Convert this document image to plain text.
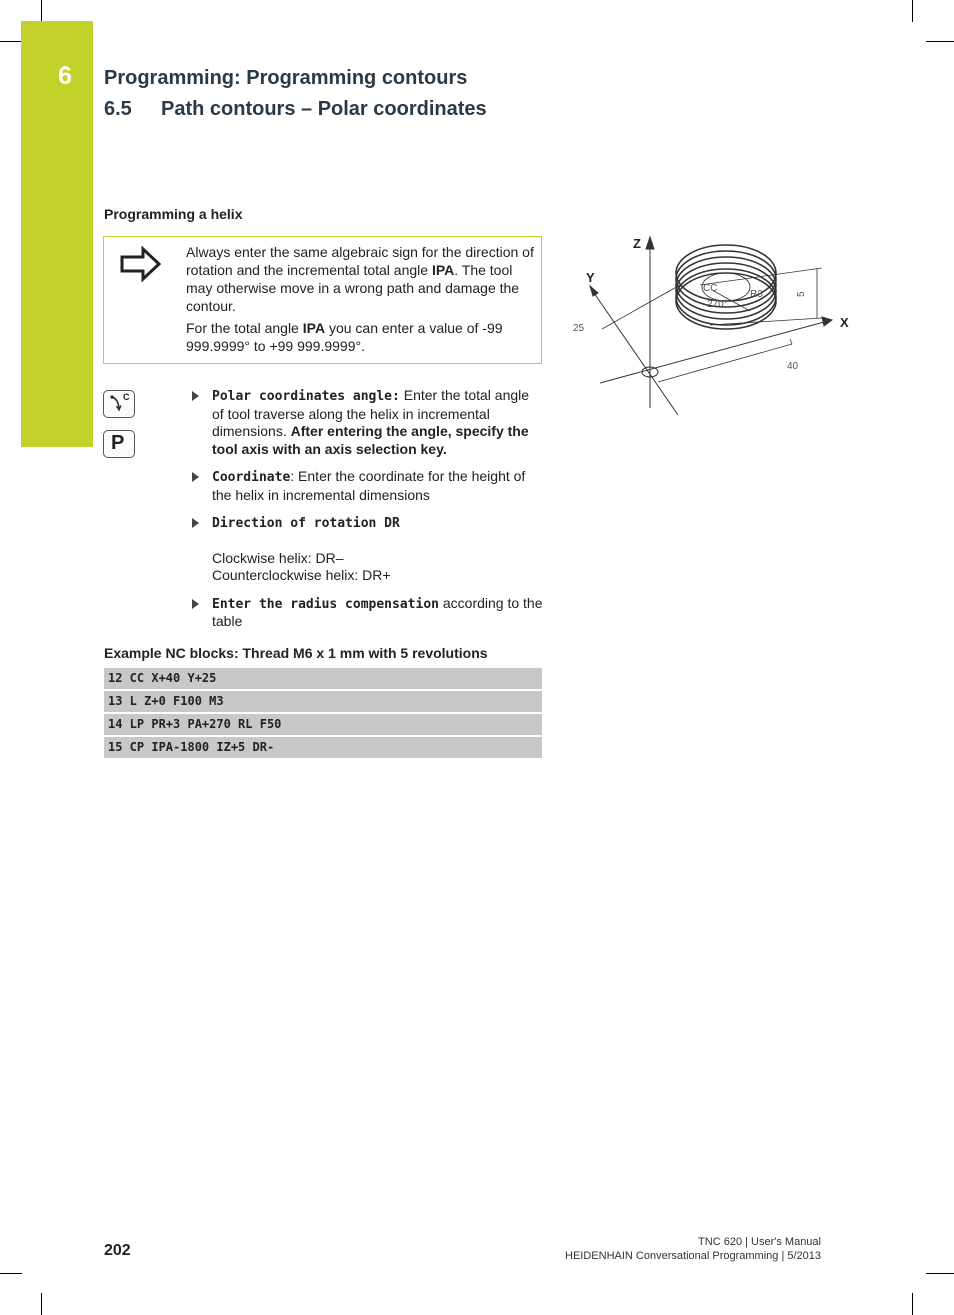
6 Programming: Programming contours
6.5 Path contours – Polar coordinates
Programming a helix

Always enter the same algebraic sign for the direction of rotation and the incremental total angle IPA. The tool may otherwise move in a wrong path and damage the contour.

For the total angle IPA you can enter a value of -99 999.9999° to +99 999.9999°.

C
P
Polar coordinates angle: Enter the total angle of tool traverse along the helix in incremental dimensions. After entering the angle, specify the tool axis with an axis selection key.
Coordinate: Enter the coordinate for the height of the helix in incremental dimensions
Direction of rotation DR
Clockwise helix: DR–
Counterclockwise helix: DR+
Enter the radius compensation according to the table
Example NC blocks: Thread M6 x 1 mm with 5 revolutions
12 CC X+40 Y+25
13 L Z+0 F100 M3
14 LP PR+3 PA+270 RL F50
15 CP IPA-1800 IZ+5 DR-
Z
Y
X
CC
R3
270°
25
40
5
202	TNC 620 | User's Manual
HEIDENHAIN Conversational Programming | 5/2013
